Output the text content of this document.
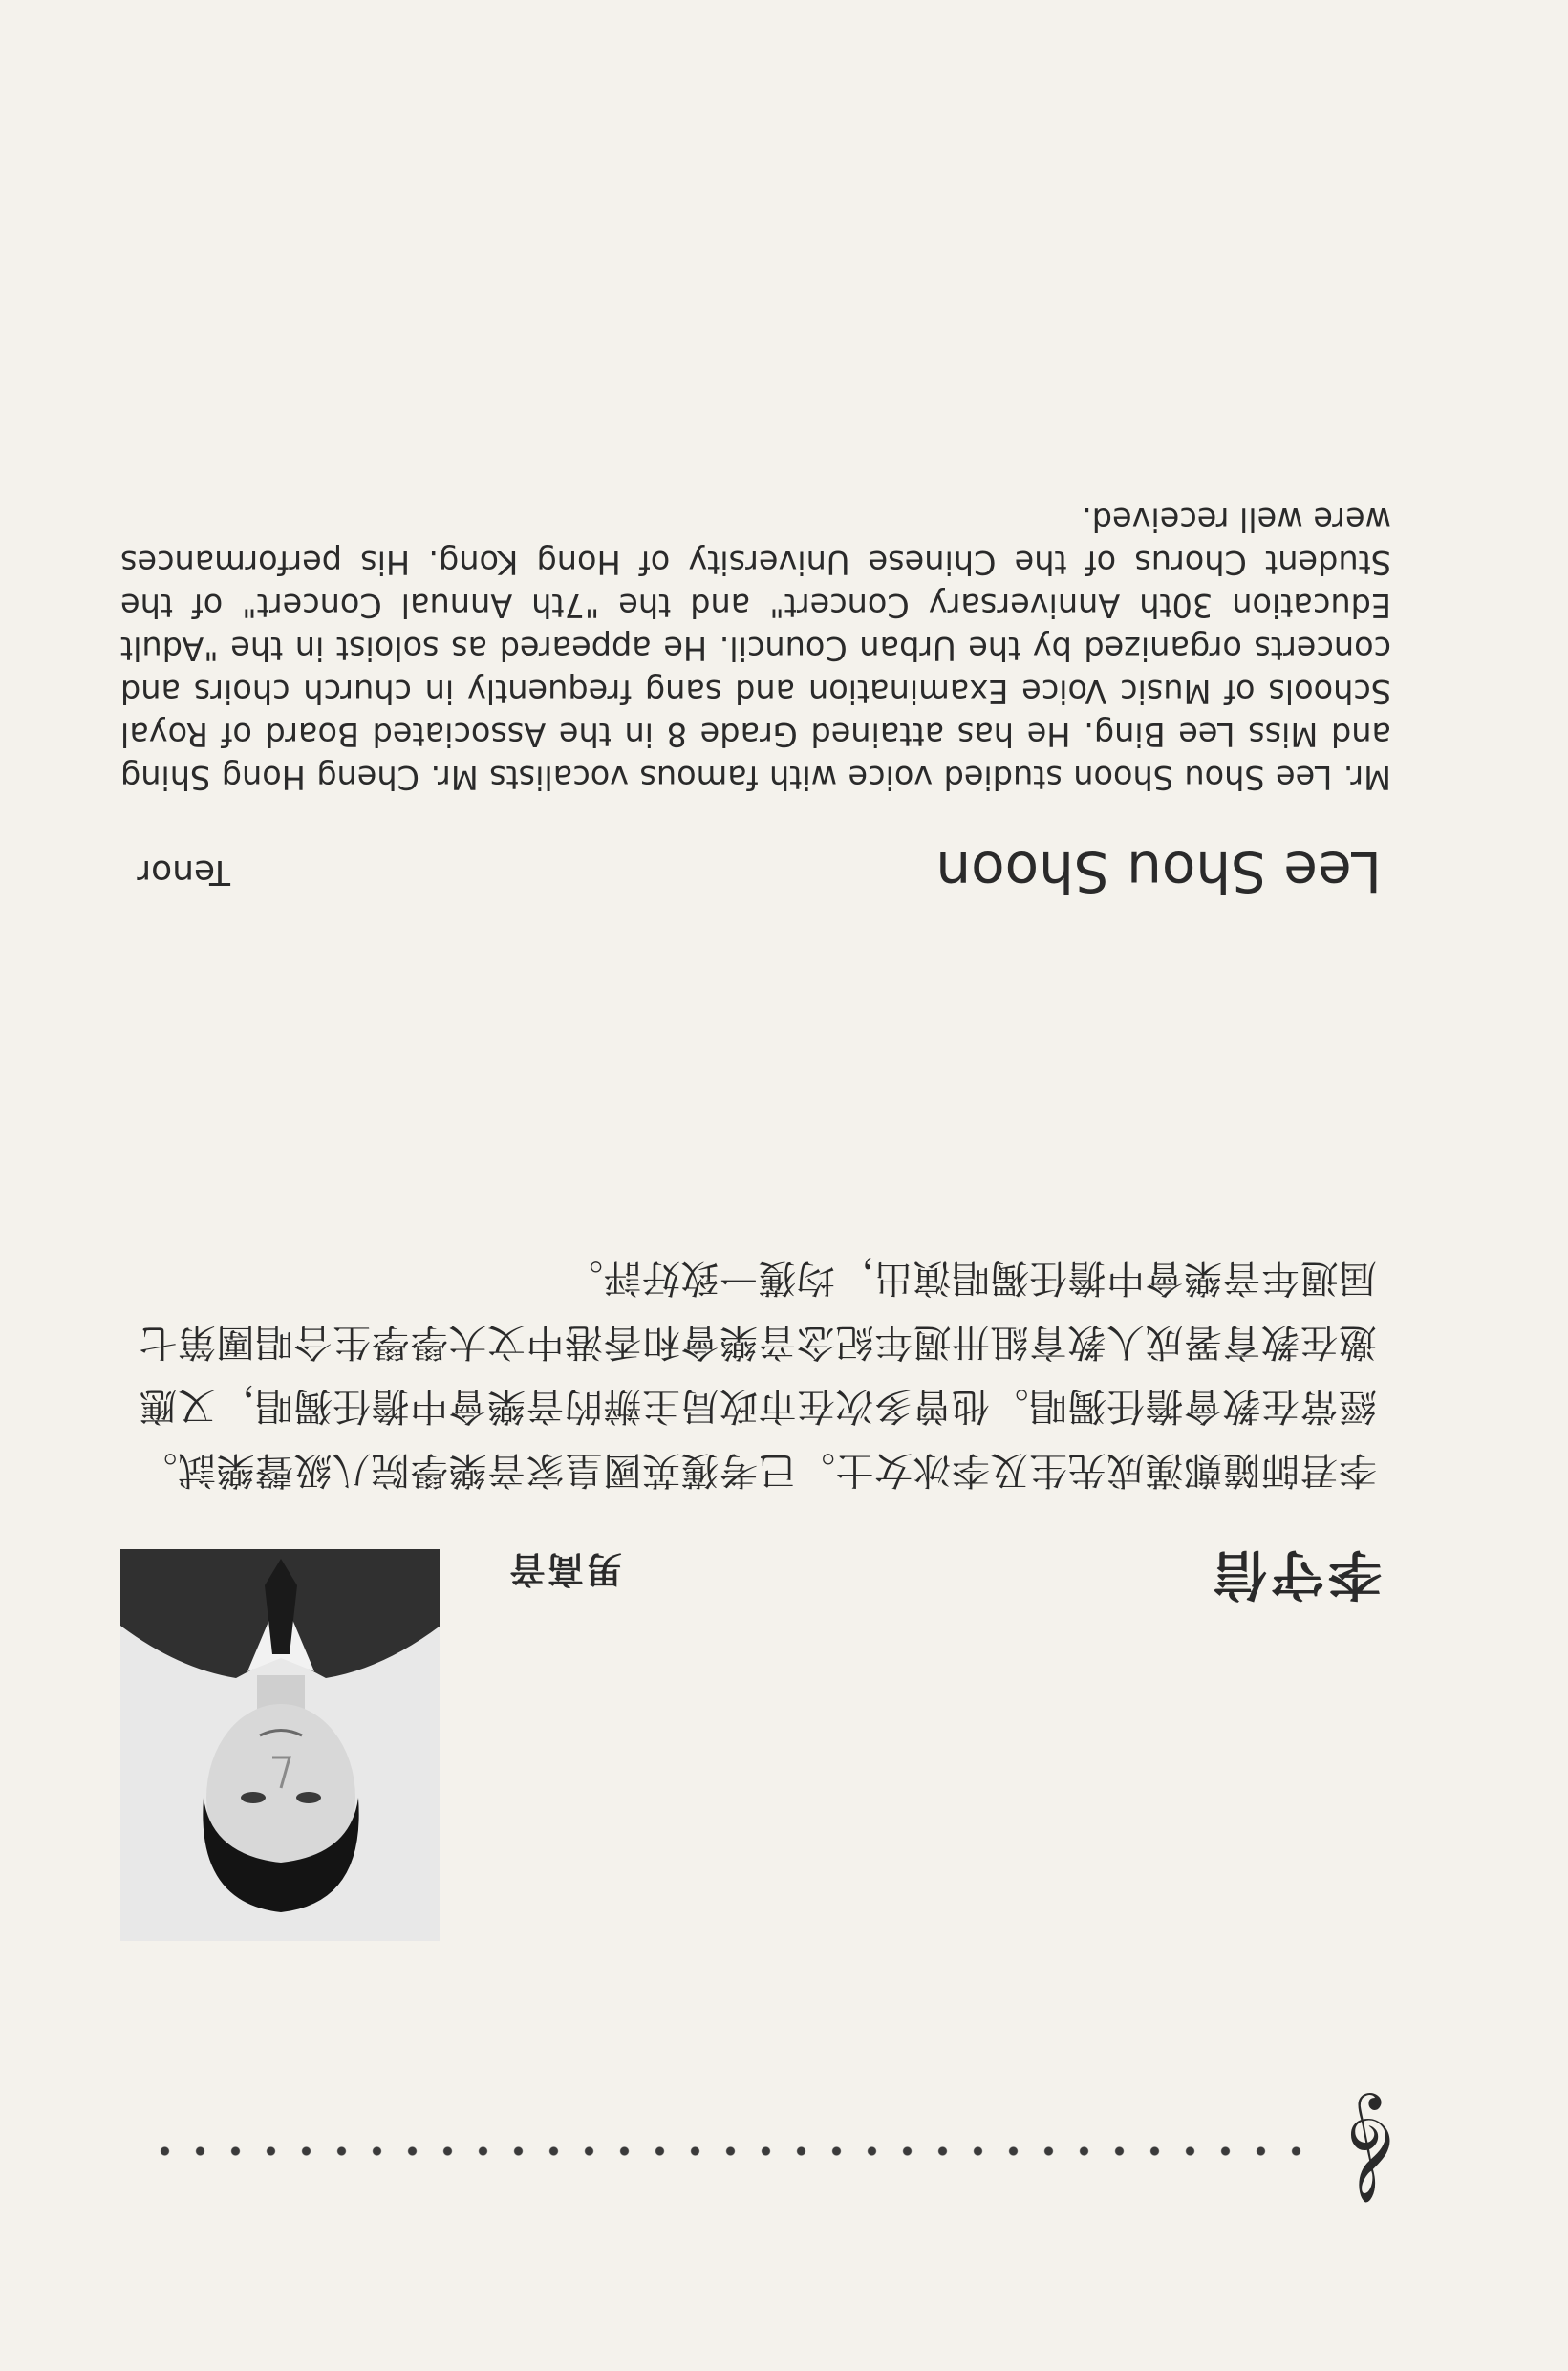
𝄞
李守信
男高音
李君師隨鄭漢成先生及李冰女士。已考獲英國皇家音樂學院八級聲樂試。經常在教會擔任獨唱。他曾多次在市政局主辦的音樂會中擔任獨唱，又應邀在教育署成人教育組卅週年紀念音樂會和香港中文大學學生合唱團第七屆週年音樂會中擔任獨唱演出，均獲一致好評。
Lee Shou Shoon
Tenor
Mr. Lee Shou Shoon studied voice with famous vocalists Mr. Cheng Hong Shing and Miss Lee Bing. He has attained Grade 8 in the Associated Board of Royal Schools of Music Voice Examination and sang frequently in church choirs and concerts organized by the Urban Council. He appeared as soloist in the "Adult Education 30th Anniversary Concert" and the "7th Annual Concert" of the Student Chorus of the Chinese University of Hong Kong. His performances were well received.
